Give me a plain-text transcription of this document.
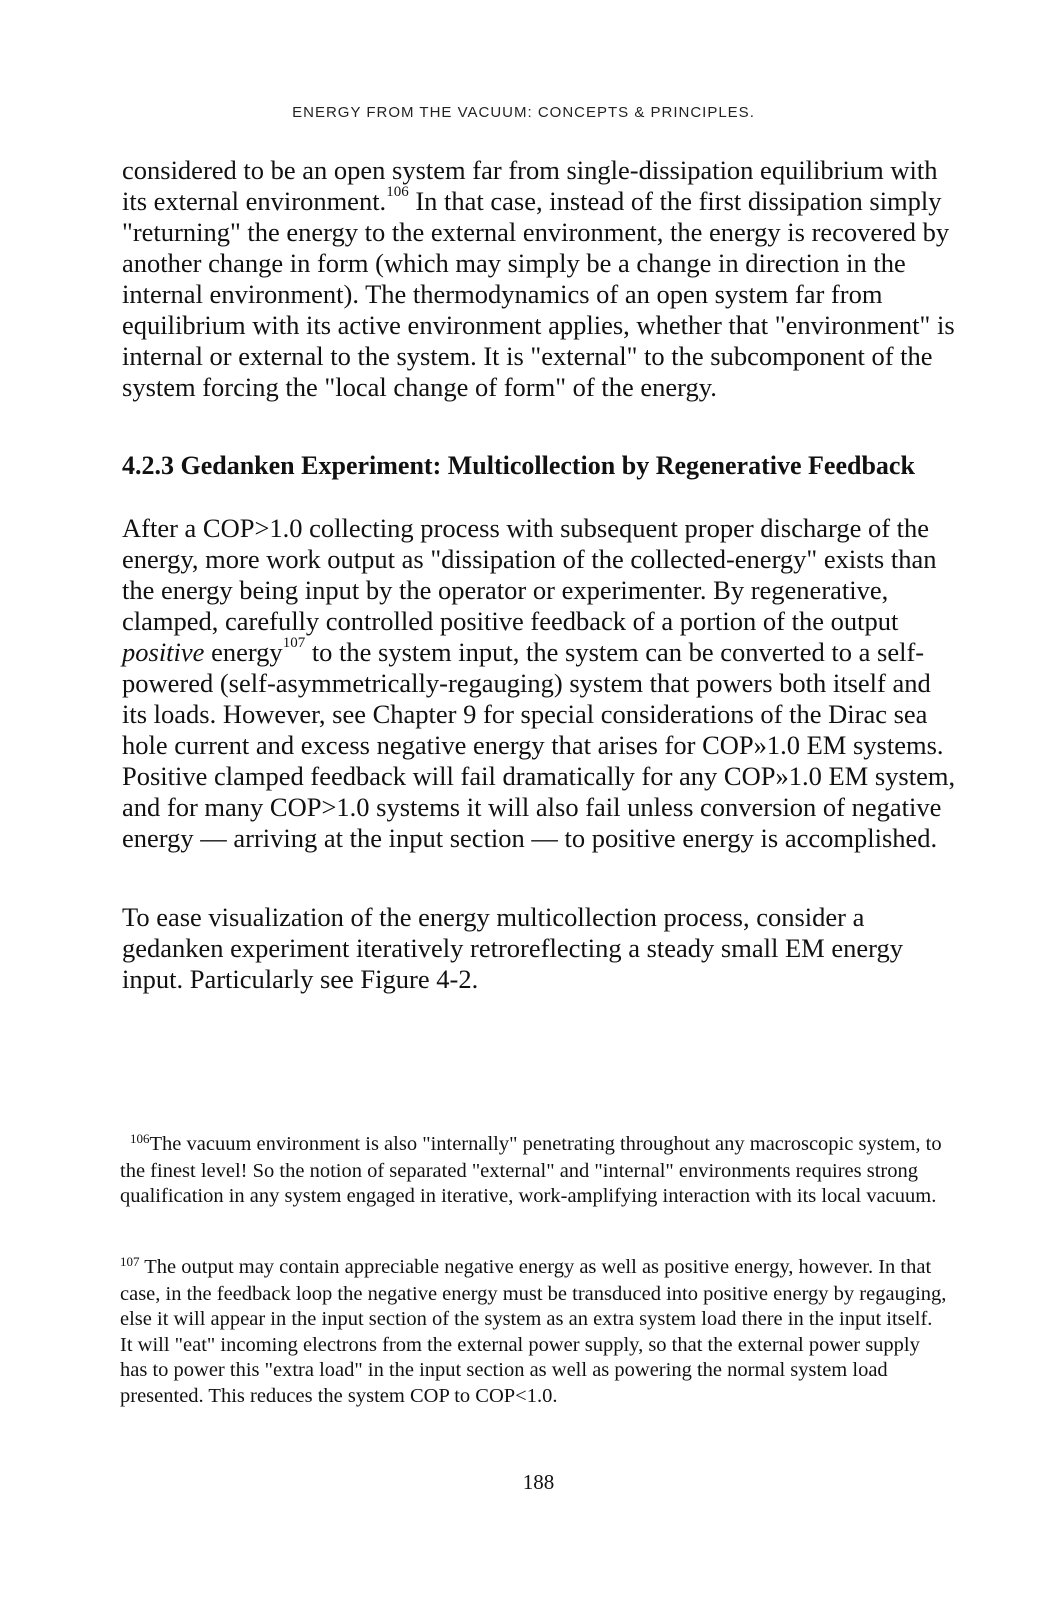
ENERGY FROM THE VACUUM: CONCEPTS & PRINCIPLES.

considered to be an open system far from single-dissipation equilibrium with its external environment.$^{106}$ In that case, instead of the first dissipation simply "returning" the energy to the external environment, the energy is recovered by another change in form (which may simply be a change in direction in the internal environment). The thermodynamics of an open system far from equilibrium with its active environment applies, whether that "environment" is internal or external to the system. It is "external" to the subcomponent of the system forcing the "local change of form" of the energy.

4.2.3 Gedanken Experiment: Multicollection by Regenerative Feedback

After a COP>1.0 collecting process with subsequent proper discharge of the energy, more work output as "dissipation of the collected-energy" exists than the energy being input by the operator or experimenter. By regenerative, clamped, carefully controlled positive feedback of a portion of the output positive energy$^{107}$ to the system input, the system can be converted to a self-powered (self-asymmetrically-regauging) system that powers both itself and its loads. However, see Chapter 9 for special considerations of the Dirac sea hole current and excess negative energy that arises for COP»1.0 EM systems. Positive clamped feedback will fail dramatically for any COP»1.0 EM system, and for many COP>1.0 systems it will also fail unless conversion of negative energy — arriving at the input section — to positive energy is accomplished.

To ease visualization of the energy multicollection process, consider a gedanken experiment iteratively retroreflecting a steady small EM energy input. Particularly see Figure 4-2.

$^{106}$The vacuum environment is also "internally" penetrating throughout any macroscopic system, to the finest level! So the notion of separated "external" and "internal" environments requires strong qualification in any system engaged in iterative, work-amplifying interaction with its local vacuum.

$^{107}$ The output may contain appreciable negative energy as well as positive energy, however. In that case, in the feedback loop the negative energy must be transduced into positive energy by regauging, else it will appear in the input section of the system as an extra system load there in the input itself. It will "eat" incoming electrons from the external power supply, so that the external power supply has to power this "extra load" in the input section as well as powering the normal system load presented. This reduces the system COP to COP<1.0.

188
